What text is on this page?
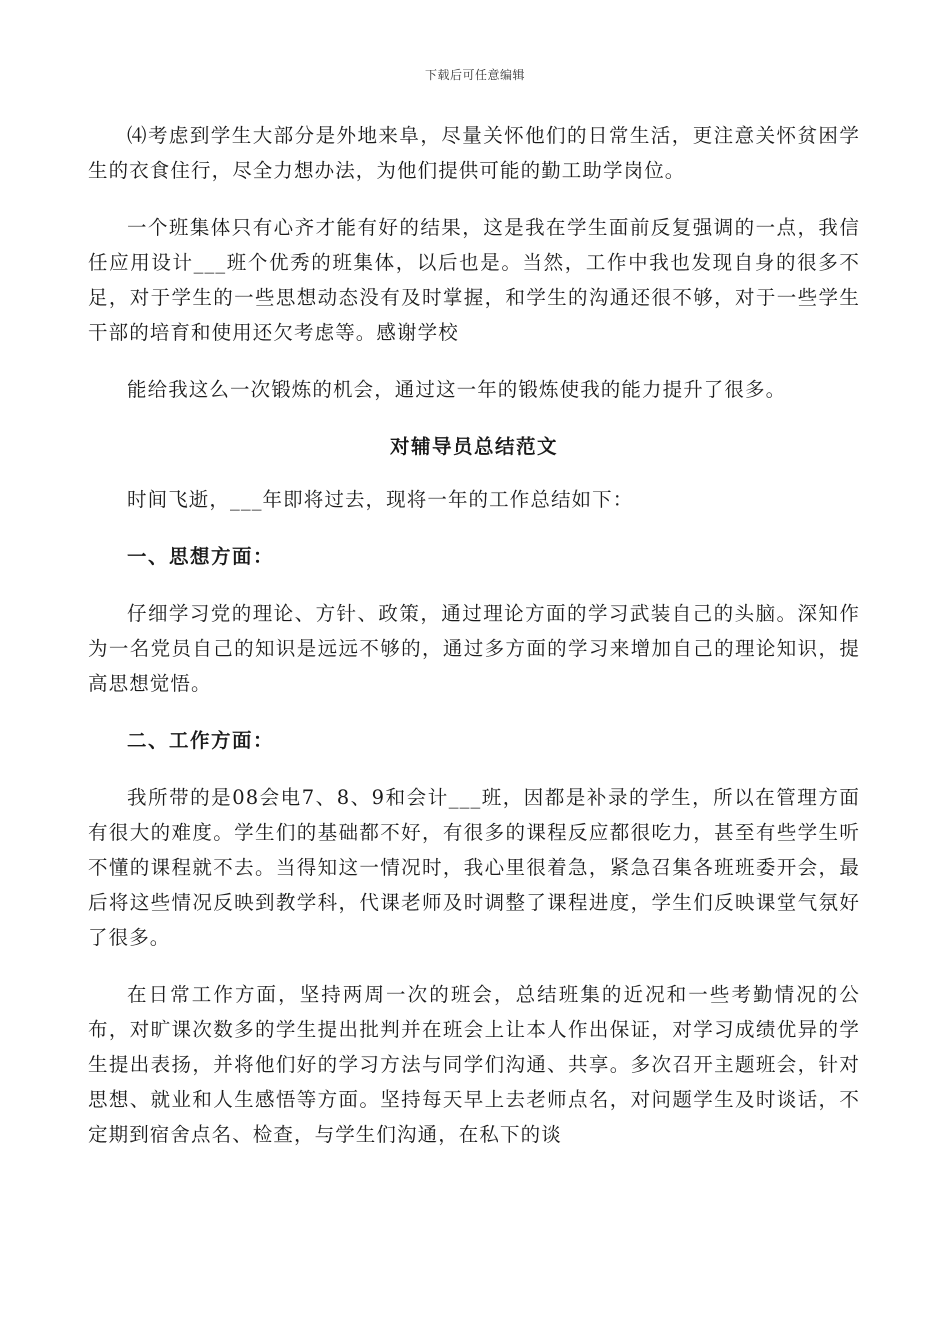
下载后可任意编辑

⑷考虑到学生大部分是外地来阜，尽量关怀他们的日常生活，更注意关怀贫困学生的衣食住行，尽全力想办法，为他们提供可能的勤工助学岗位。

一个班集体只有心齐才能有好的结果，这是我在学生面前反复强调的一点，我信任应用设计___班个优秀的班集体，以后也是。当然，工作中我也发现自身的很多不足，对于学生的一些思想动态没有及时掌握，和学生的沟通还很不够，对于一些学生干部的培育和使用还欠考虑等。感谢学校

能给我这么一次锻炼的机会，通过这一年的锻炼使我的能力提升了很多。

对辅导员总结范文

时间飞逝，___年即将过去，现将一年的工作总结如下：

一、思想方面：

仔细学习党的理论、方针、政策，通过理论方面的学习武装自己的头脑。深知作为一名党员自己的知识是远远不够的，通过多方面的学习来增加自己的理论知识，提高思想觉悟。

二、工作方面：

我所带的是08会电7、8、9和会计___班，因都是补录的学生，所以在管理方面有很大的难度。学生们的基础都不好，有很多的课程反应都很吃力，甚至有些学生听不懂的课程就不去。当得知这一情况时，我心里很着急，紧急召集各班班委开会，最后将这些情况反映到教学科，代课老师及时调整了课程进度，学生们反映课堂气氛好了很多。

在日常工作方面，坚持两周一次的班会，总结班集的近况和一些考勤情况的公布，对旷课次数多的学生提出批判并在班会上让本人作出保证，对学习成绩优异的学生提出表扬，并将他们好的学习方法与同学们沟通、共享。多次召开主题班会，针对思想、就业和人生感悟等方面。坚持每天早上去老师点名，对问题学生及时谈话，不定期到宿舍点名、检查，与学生们沟通，在私下的谈
